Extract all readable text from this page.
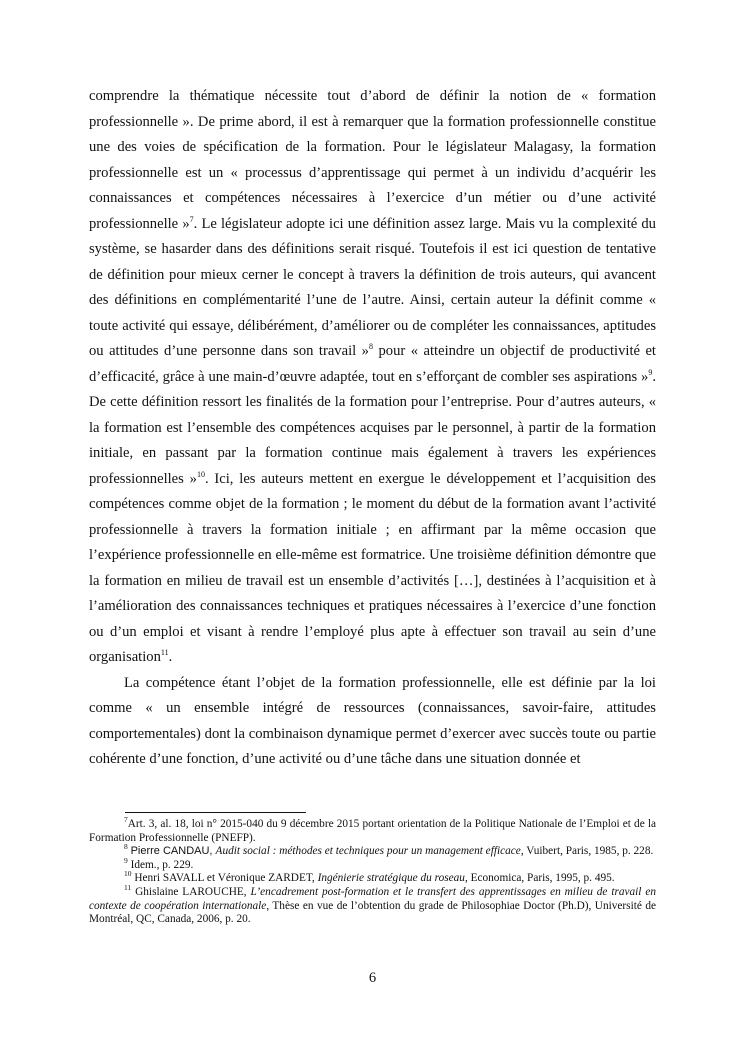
comprendre la thématique nécessite tout d’abord de définir la notion de « formation professionnelle ». De prime abord, il est à remarquer que la formation professionnelle constitue une des voies de spécification de la formation. Pour le législateur Malagasy, la formation professionnelle est un « processus d’apprentissage qui permet à un individu d’acquérir les connaissances et compétences nécessaires à l’exercice d’un métier ou d’une activité professionnelle »$^7$. Le législateur adopte ici une définition assez large. Mais vu la complexité du système, se hasarder dans des définitions serait risqué. Toutefois il est ici question de tentative de définition pour mieux cerner le concept à travers la définition de trois auteurs, qui avancent des définitions en complémentarité l’une de l’autre. Ainsi, certain auteur la définit comme « toute activité qui essaye, délibérément, d’améliorer ou de compléter les connaissances, aptitudes ou attitudes d’une personne dans son travail »$^8$ pour « atteindre un objectif de productivité et d’efficacité, grâce à une main-d’œuvre adaptée, tout en s’efforçant de combler ses aspirations »$^9$. De cette définition ressort les finalités de la formation pour l’entreprise. Pour d’autres auteurs, « la formation est l’ensemble des compétences acquises par le personnel, à partir de la formation initiale, en passant par la formation continue mais également à travers les expériences professionnelles »$^{10}$. Ici, les auteurs mettent en exergue le développement et l’acquisition des compétences comme objet de la formation ; le moment du début de la formation avant l’activité professionnelle à travers la formation initiale ; en affirmant par la même occasion que l’expérience professionnelle en elle-même est formatrice. Une troisième définition démontre que la formation en milieu de travail est un ensemble d’activités […], destinées à l’acquisition et à l’amélioration des connaissances techniques et pratiques nécessaires à l’exercice d’une fonction ou d’un emploi et visant à rendre l’employé plus apte à effectuer son travail au sein d’une organisation$^{11}$.

La compétence étant l’objet de la formation professionnelle, elle est définie par la loi comme « un ensemble intégré de ressources (connaissances, savoir-faire, attitudes comportementales) dont la combinaison dynamique permet d’exercer avec succès toute ou partie cohérente d’une fonction, d’une activité ou d’une tâche dans une situation donnée et

$^7$Art. 3, al. 18, loi n° 2015-040 du 9 décembre 2015 portant orientation de la Politique Nationale de l’Emploi et de la Formation Professionnelle (PNEFP).

$^8$ Pierre CANDAU, Audit social : méthodes et techniques pour un management efficace, Vuibert, Paris, 1985, p. 228.

$^9$ Idem., p. 229.

$^{10}$ Henri SAVALL et Véronique ZARDET, Ingénierie stratégique du roseau, Economica, Paris, 1995, p. 495.

$^{11}$ Ghislaine LAROUCHE, L’encadrement post-formation et le transfert des apprentissages en milieu de travail en contexte de coopération internationale, Thèse en vue de l’obtention du grade de Philosophiae Doctor (Ph.D), Université de Montréal, QC, Canada, 2006, p. 20.

6
